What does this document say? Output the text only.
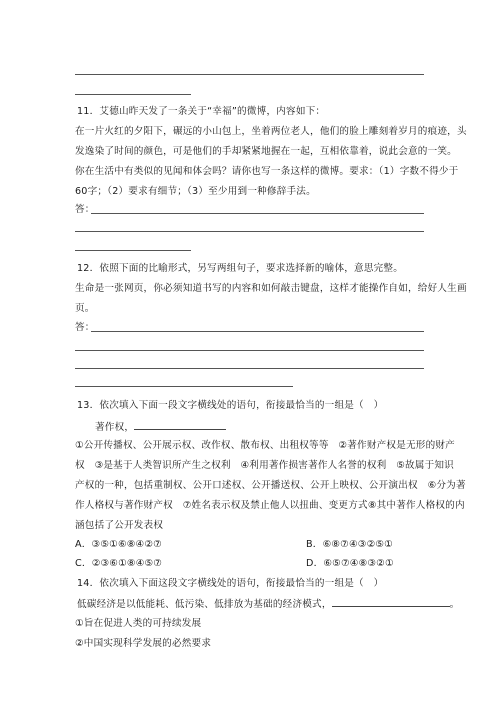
11．艾德山昨天发了一条关于“幸福”的微博，内容如下：
在一片火红的夕阳下，碾远的小山包上，坐着两位老人，他们的脸上雕刻着岁月的痕迹，头
发逸染了时间的颜色，可是他们的手却紧紧地握在一起，互相依靠着，说此会意的一笑。
你在生活中有类似的见闻和体会吗？请你也写一条这样的微博。要求：（1）字数不得少于
60字；（2）要求有细节；（3）至少用到一种修辞手法。
答：
12．依照下面的比喻形式，另写两组句子，要求选择新的喻体，意思完整。
生命是一张网页，你必须知道书写的内容和如何敲击键盘，这样才能操作自如，给好人生画
页。
答：
13．依次填入下面一段文字横线处的语句，衔接最恰当的一组是（　）
著作权，
①公开传播权、公开展示权、改作权、散布权、出租权等等　②著作财产权是无形的财产
权　③是基于人类智识所产生之权利　④利用著作损害著作人名誉的权利　⑤故属于知识
产权的一种，包括重制权、公开口述权、公开播送权、公开上映权、公开演出权　⑥分为著
作人格权与著作财产权　⑦姓名表示权及禁止他人以扭曲、变更方式⑧其中著作人格权的内
涵包括了公开发表权
A．③⑤①⑥⑧④②⑦	B．⑥⑧⑦④③②⑤①
C．②③⑥①⑧④⑤⑦	D．⑥⑤⑦④⑧③②①
14．依次填入下面这段文字横线处的语句，衔接最恰当的一组是（　）
低碳经济是以低能耗、低污染、低排放为基础的经济模式，	。
①旨在促进人类的可持续发展
②中国实现科学发展的必然要求
